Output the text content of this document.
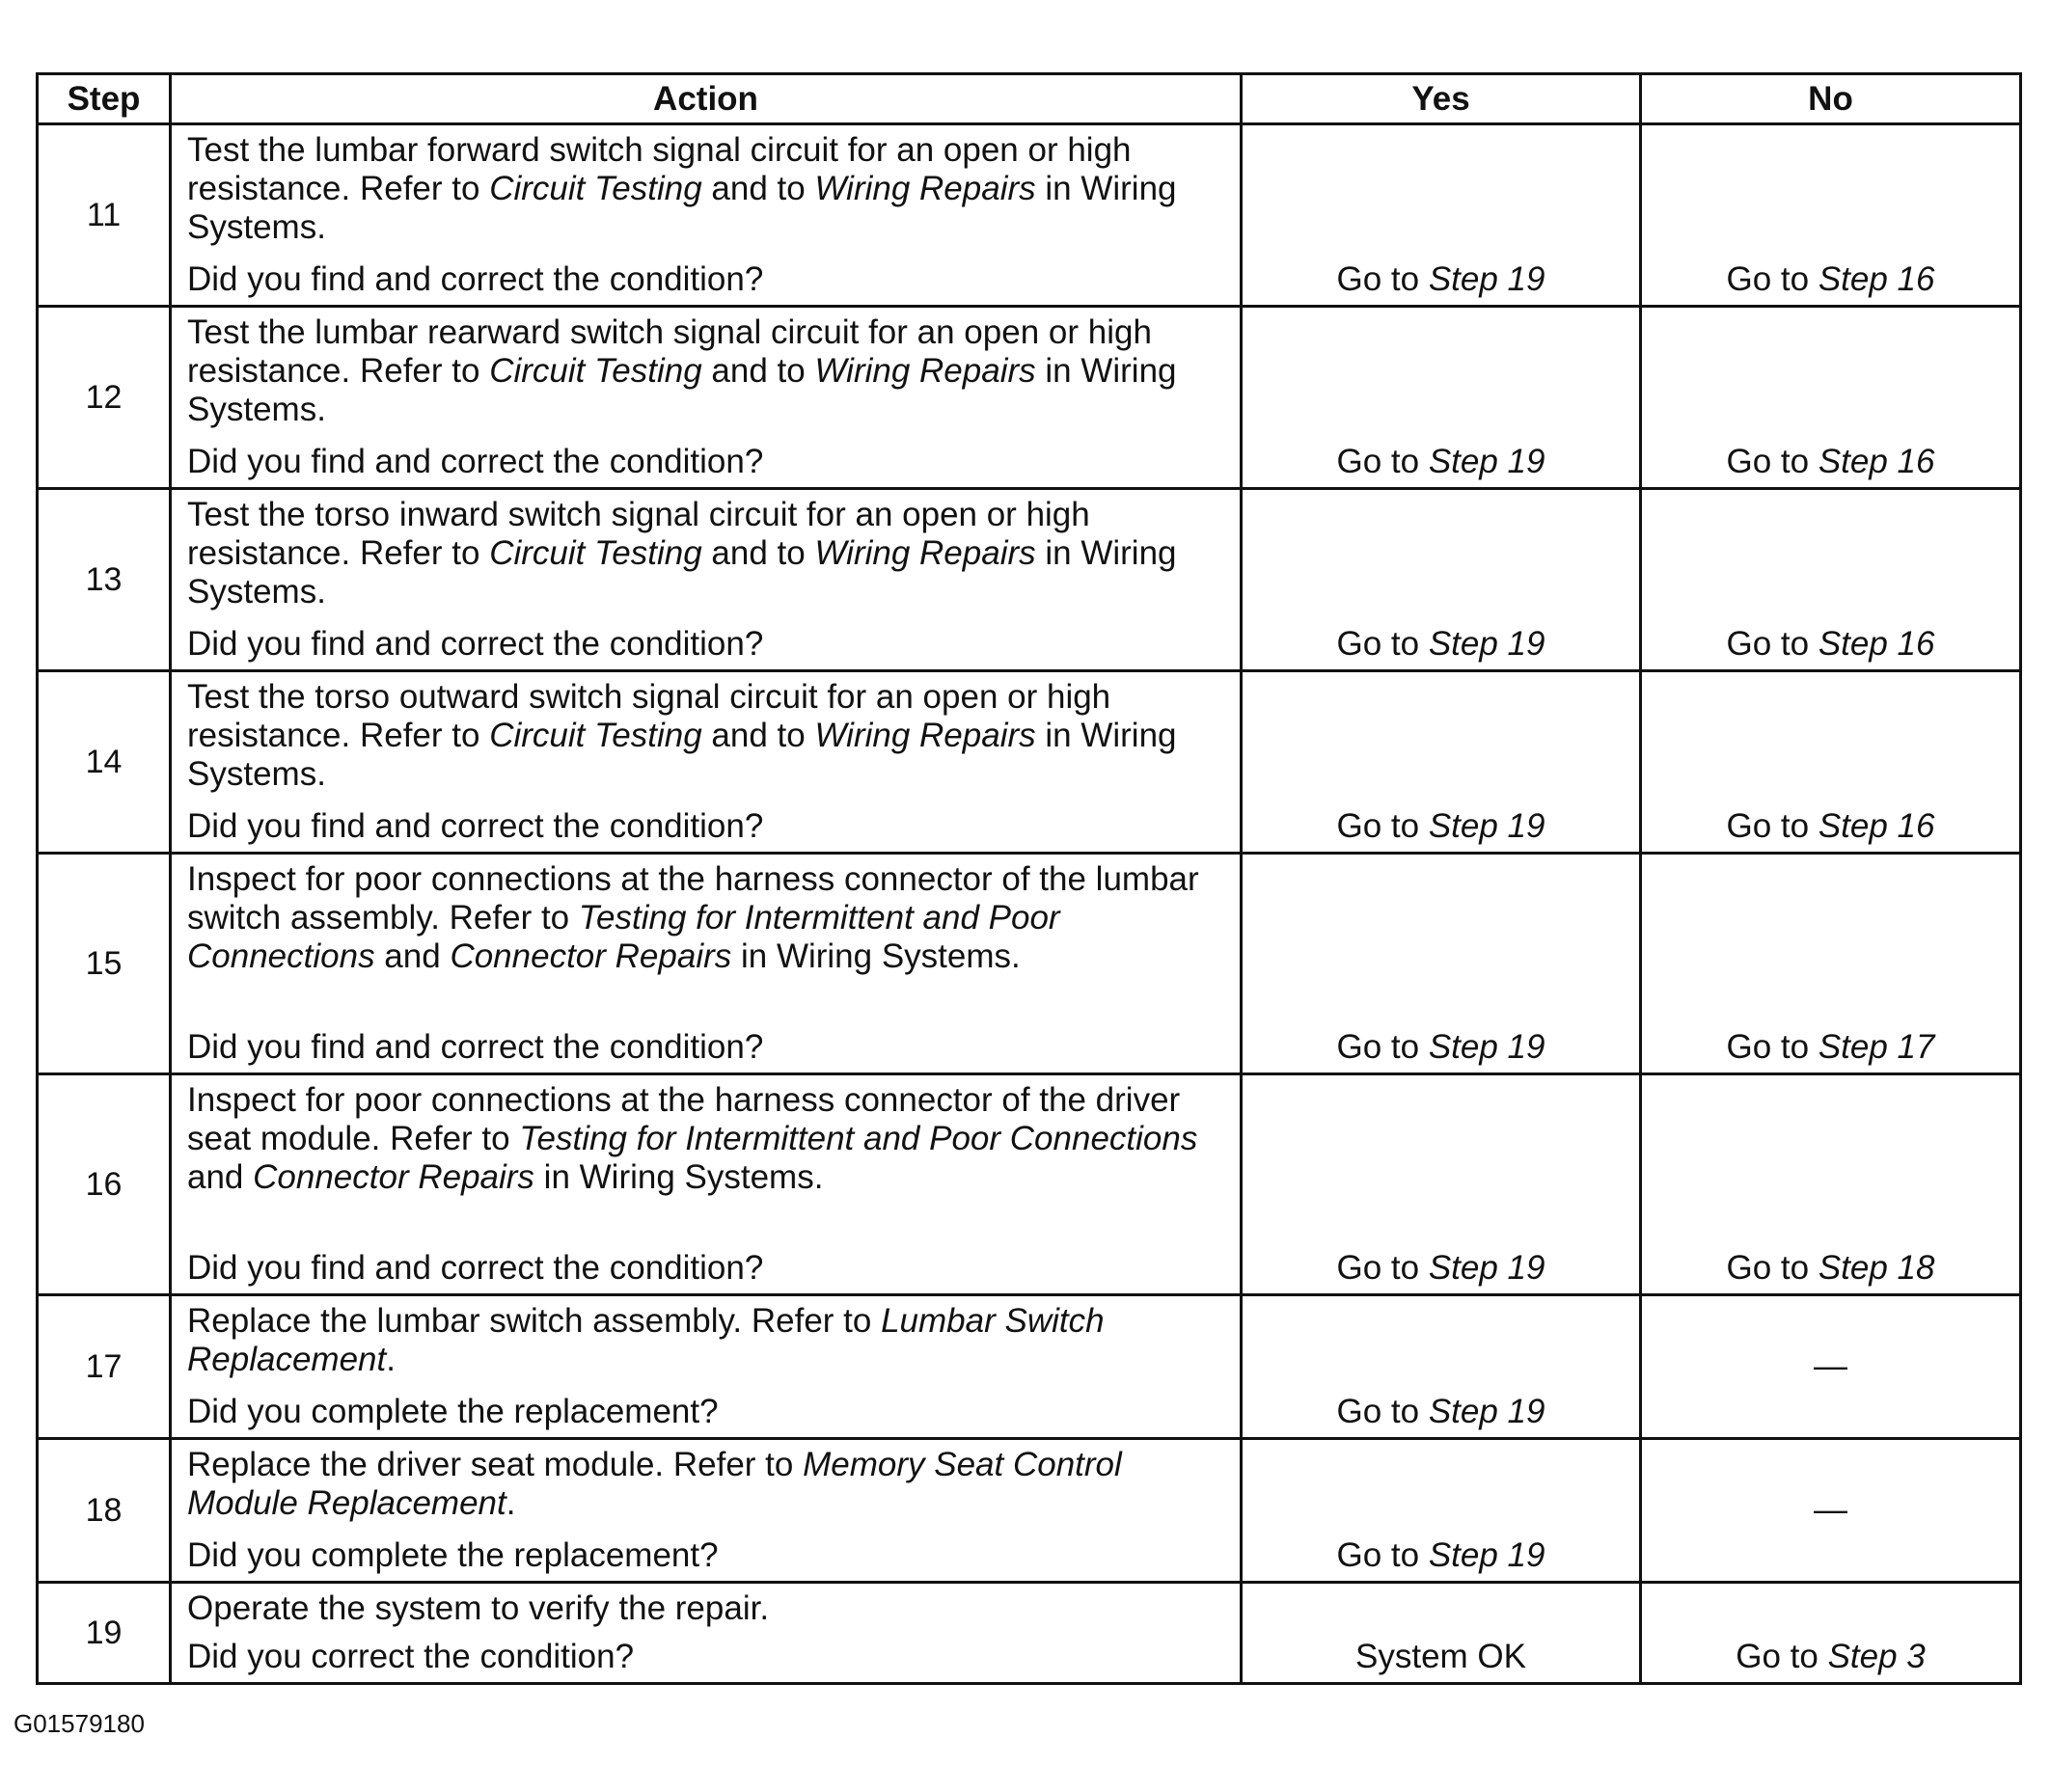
Step	Action	Yes	No
11	Test the lumbar forward switch signal circuit for an open or high resistance. Refer to Circuit Testing and to Wiring Repairs in Wiring Systems.
Did you find and correct the condition?	Go to Step 19	Go to Step 16
12	Test the lumbar rearward switch signal circuit for an open or high resistance. Refer to Circuit Testing and to Wiring Repairs in Wiring Systems.
Did you find and correct the condition?	Go to Step 19	Go to Step 16
13	Test the torso inward switch signal circuit for an open or high resistance. Refer to Circuit Testing and to Wiring Repairs in Wiring Systems.
Did you find and correct the condition?	Go to Step 19	Go to Step 16
14	Test the torso outward switch signal circuit for an open or high resistance. Refer to Circuit Testing and to Wiring Repairs in Wiring Systems.
Did you find and correct the condition?	Go to Step 19	Go to Step 16
15	Inspect for poor connections at the harness connector of the lumbar switch assembly. Refer to Testing for Intermittent and Poor Connections and Connector Repairs in Wiring Systems.
Did you find and correct the condition?	Go to Step 19	Go to Step 17
16	Inspect for poor connections at the harness connector of the driver seat module. Refer to Testing for Intermittent and Poor Connections and Connector Repairs in Wiring Systems.
Did you find and correct the condition?	Go to Step 19	Go to Step 18
17	Replace the lumbar switch assembly. Refer to Lumbar Switch Replacement.
Did you complete the replacement?	Go to Step 19	—
18	Replace the driver seat module. Refer to Memory Seat Control Module Replacement.
Did you complete the replacement?	Go to Step 19	—
19	Operate the system to verify the repair.
Did you correct the condition?	System OK	Go to Step 3
G01579180
